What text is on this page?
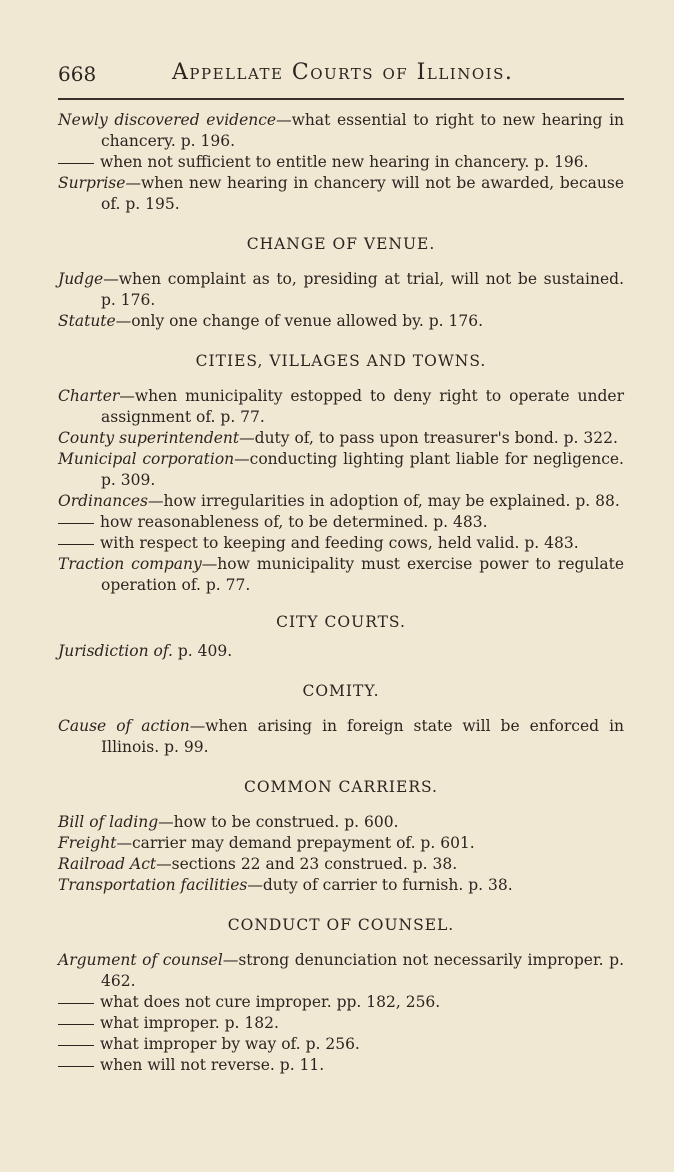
668	Appellate Courts of Illinois.
Newly discovered evidence—what essential to right to new hearing in chancery. p. 196.
when not sufficient to entitle new hearing in chancery. p. 196.
Surprise—when new hearing in chancery will not be awarded, because of. p. 195.
CHANGE OF VENUE.
Judge—when complaint as to, presiding at trial, will not be sustained. p. 176.
Statute—only one change of venue allowed by. p. 176.
CITIES, VILLAGES AND TOWNS.
Charter—when municipality estopped to deny right to operate under assignment of. p. 77.
County superintendent—duty of, to pass upon treasurer's bond. p. 322.
Municipal corporation—conducting lighting plant liable for negligence. p. 309.
Ordinances—how irregularities in adoption of, may be explained. p. 88.
how reasonableness of, to be determined. p. 483.
with respect to keeping and feeding cows, held valid. p. 483.
Traction company—how municipality must exercise power to regulate operation of. p. 77.
CITY COURTS.
Jurisdiction of. p. 409.
COMITY.
Cause of action—when arising in foreign state will be enforced in Illinois. p. 99.
COMMON CARRIERS.
Bill of lading—how to be construed. p. 600.
Freight—carrier may demand prepayment of. p. 601.
Railroad Act—sections 22 and 23 construed. p. 38.
Transportation facilities—duty of carrier to furnish. p. 38.
CONDUCT OF COUNSEL.
Argument of counsel—strong denunciation not necessarily improper. p. 462.
what does not cure improper. pp. 182, 256.
what improper. p. 182.
what improper by way of. p. 256.
when will not reverse. p. 11.
